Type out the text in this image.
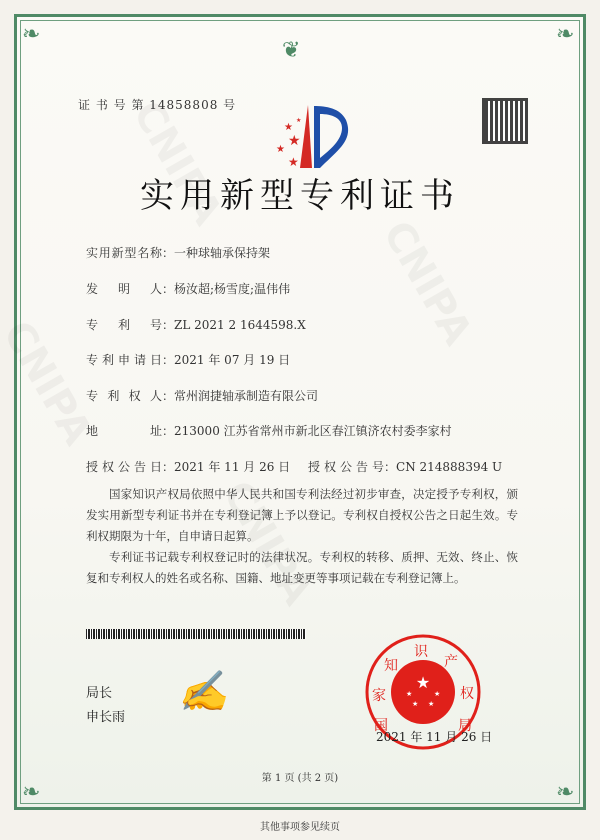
❦
❧	❧
❧	❧
证 书 号 第 14858808 号
★
★
★
★
★
实用新型专利证书
实用新型名称：一种球轴承保持架
发明人：杨汝超;杨雪度;温伟伟
专利号：ZL 2021 2 1644598.X
专利申请日：2021 年 07 月 19 日
专利权人：常州润捷轴承制造有限公司
地址：213000 江苏省常州市新北区春江镇济农村委李家村
授权公告日：2021 年 11 月 26 日 授权公告号：CN 214888394 U
国家知识产权局依照中华人民共和国专利法经过初步审查，决定授予专利权，颁发实用新型专利证书并在专利登记簿上予以登记。专利权自授权公告之日起生效。专利权期限为十年，自申请日起算。
专利证书记载专利权登记时的法律状况。专利权的转移、质押、无效、终止、恢复和专利权人的姓名或名称、国籍、地址变更等事项记载在专利登记簿上。
局长
申长雨
✍	★
★	★
★ ★
国
家
知
识
产
权
局
2021 年 11 月 26 日
第 1 页 (共 2 页)
其他事项参见续页
